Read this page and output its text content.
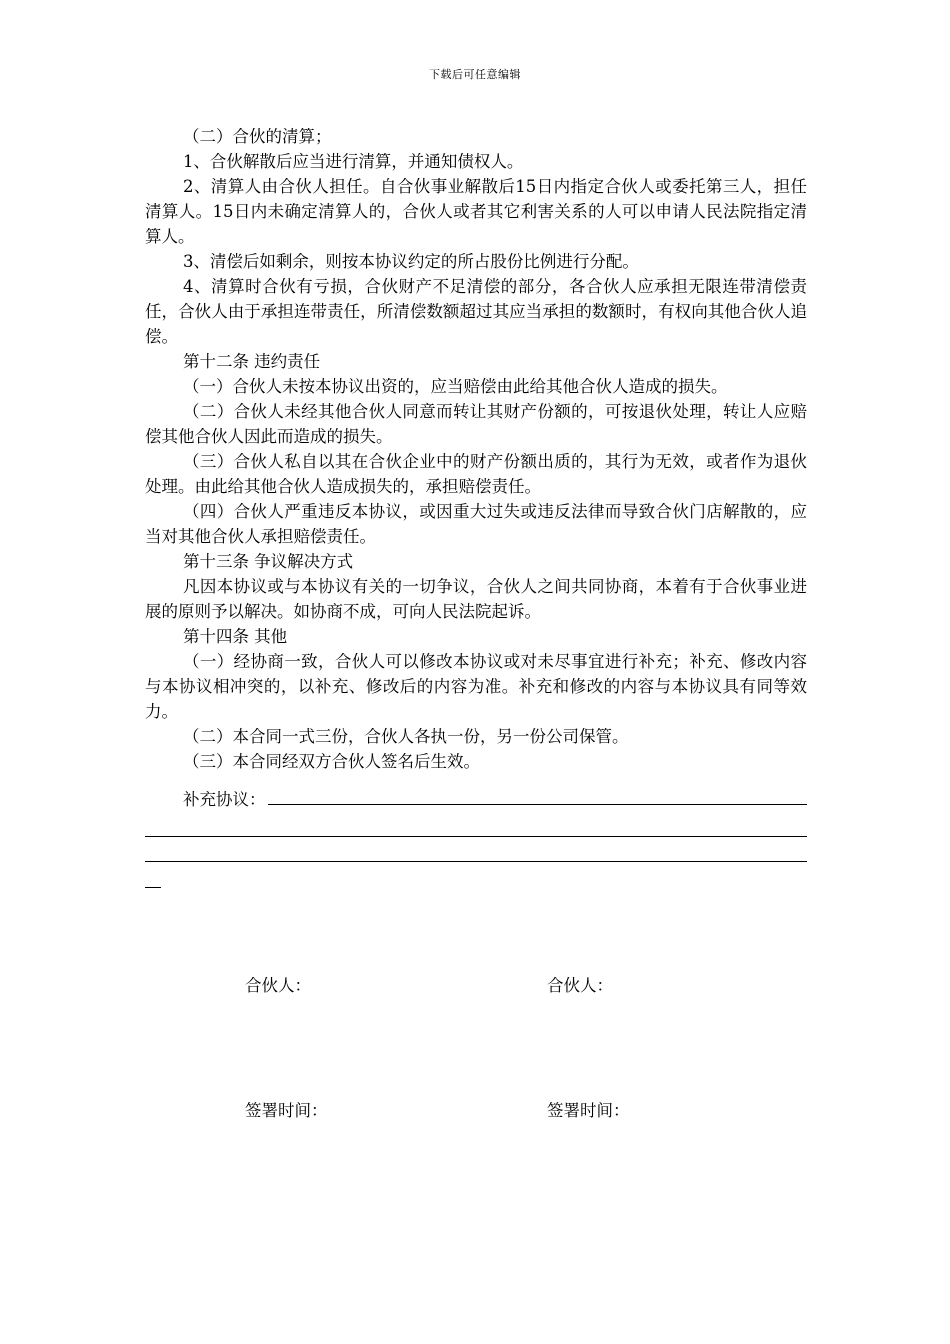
下载后可任意编辑

（二）合伙的清算；

1、合伙解散后应当进行清算，并通知债权人。

2、清算人由合伙人担任。自合伙事业解散后15日内指定合伙人或委托第三人，担任清算人。15日内未确定清算人的，合伙人或者其它利害关系的人可以申请人民法院指定清算人。

3、清偿后如剩余，则按本协议约定的所占股份比例进行分配。

4、清算时合伙有亏损，合伙财产不足清偿的部分，各合伙人应承担无限连带清偿责任，合伙人由于承担连带责任，所清偿数额超过其应当承担的数额时，有权向其他合伙人追偿。

第十二条 违约责任

（一）合伙人未按本协议出资的，应当赔偿由此给其他合伙人造成的损失。

（二）合伙人未经其他合伙人同意而转让其财产份额的，可按退伙处理，转让人应赔偿其他合伙人因此而造成的损失。

（三）合伙人私自以其在合伙企业中的财产份额出质的，其行为无效，或者作为退伙处理。由此给其他合伙人造成损失的，承担赔偿责任。

（四）合伙人严重违反本协议，或因重大过失或违反法律而导致合伙门店解散的，应当对其他合伙人承担赔偿责任。

第十三条 争议解决方式

凡因本协议或与本协议有关的一切争议，合伙人之间共同协商，本着有于合伙事业进展的原则予以解决。如协商不成，可向人民法院起诉。

第十四条 其他

（一）经协商一致，合伙人可以修改本协议或对未尽事宜进行补充；补充、修改内容与本协议相冲突的，以补充、修改后的内容为准。补充和修改的内容与本协议具有同等效力。

（二）本合同一式三份，合伙人各执一份，另一份公司保管。

（三）本合同经双方合伙人签名后生效。

补充协议：
合伙人：	合伙人：
签署时间：	签署时间：
